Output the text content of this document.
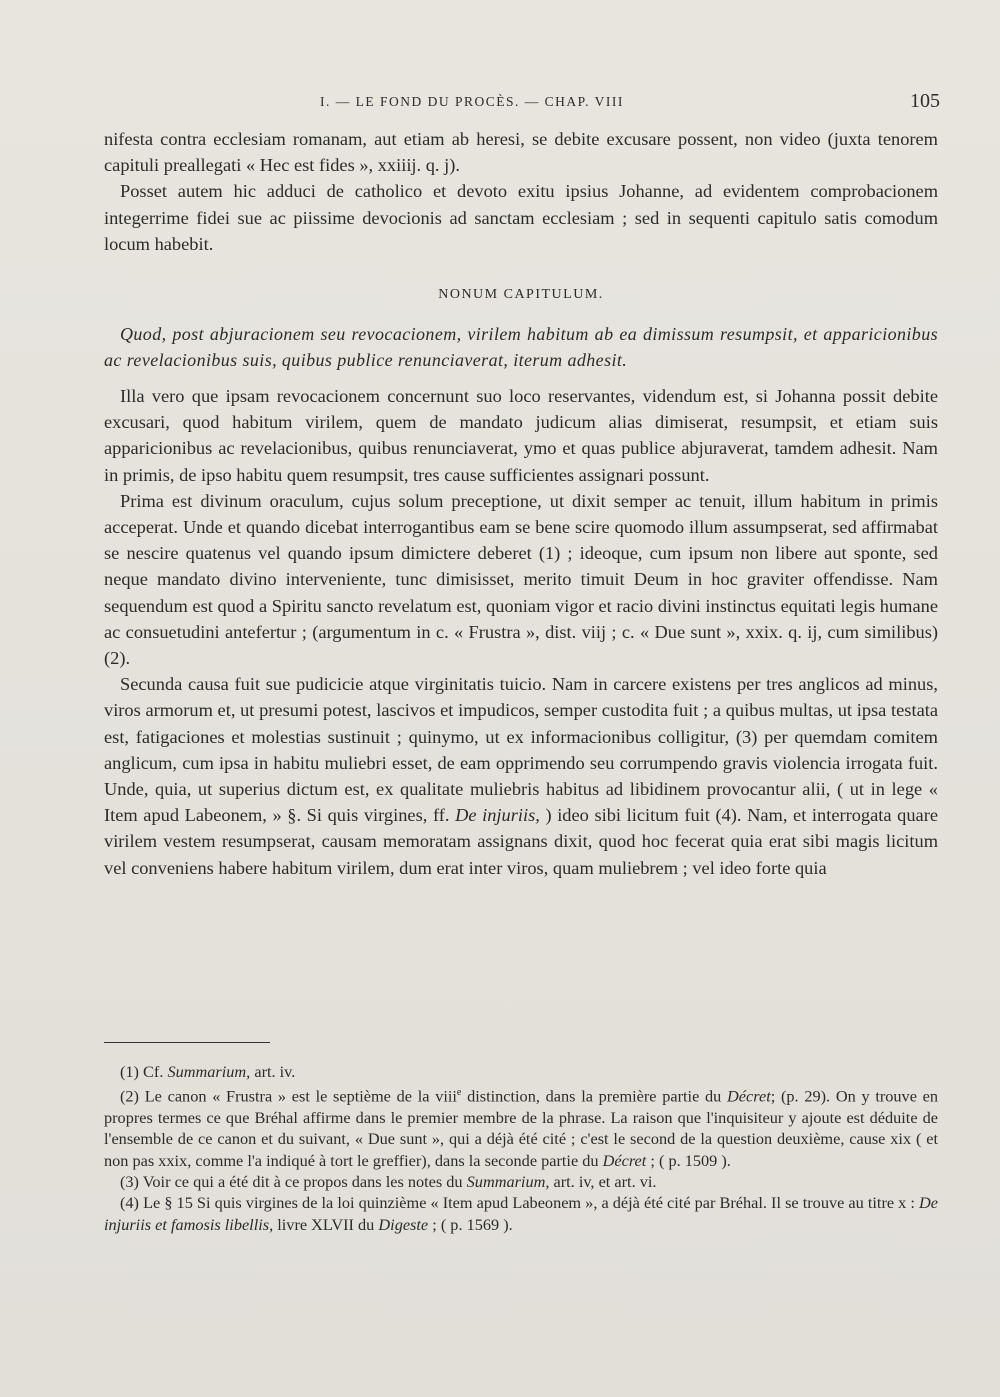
I. — LE FOND DU PROCÈS. — CHAP. VIII	105

nifesta contra ecclesiam romanam, aut etiam ab heresi, se debite excusare possent, non video (juxta tenorem capituli preallegati « Hec est fides », xxiiij. q. j).

Posset autem hic adduci de catholico et devoto exitu ipsius Johanne, ad evidentem comprobacionem integerrime fidei sue ac piissime devocionis ad sanctam ecclesiam ; sed in sequenti capitulo satis comodum locum habebit.

NONUM CAPITULUM.

Quod, post abjuracionem seu revocacionem, virilem habitum ab ea dimissum resumpsit, et apparicionibus ac revelacionibus suis, quibus publice renunciaverat, iterum adhesit.

Illa vero que ipsam revocacionem concernunt suo loco reservantes, videndum est, si Johanna possit debite excusari, quod habitum virilem, quem de mandato judicum alias dimiserat, resumpsit, et etiam suis apparicionibus ac revelacionibus, quibus renunciaverat, ymo et quas publice abjuraverat, tamdem adhesit. Nam in primis, de ipso habitu quem resumpsit, tres cause sufficientes assignari possunt.

Prima est divinum oraculum, cujus solum preceptione, ut dixit semper ac tenuit, illum habitum in primis acceperat. Unde et quando dicebat interrogantibus eam se bene scire quomodo illum assumpserat, sed affirmabat se nescire quatenus vel quando ipsum dimictere deberet (1) ; ideoque, cum ipsum non libere aut sponte, sed neque mandato divino interveniente, tunc dimisisset, merito timuit Deum in hoc graviter offendisse. Nam sequendum est quod a Spiritu sancto revelatum est, quoniam vigor et racio divini instinctus equitati legis humane ac consuetudini antefertur ; (argumentum in c. « Frustra », dist. viij ; c. « Due sunt », xxix. q. ij, cum similibus) (2).

Secunda causa fuit sue pudicicie atque virginitatis tuicio. Nam in carcere existens per tres anglicos ad minus, viros armorum et, ut presumi potest, lascivos et impudicos, semper custodita fuit ; a quibus multas, ut ipsa testata est, fatigaciones et molestias sustinuit ; quinymo, ut ex informacionibus colligitur, (3) per quemdam comitem anglicum, cum ipsa in habitu muliebri esset, de eam opprimendo seu corrumpendo gravis violencia irrogata fuit. Unde, quia, ut superius dictum est, ex qualitate muliebris habitus ad libidinem provocantur alii, ( ut in lege « Item apud Labeonem, » §. Si quis virgines, ff. De injuriis, ) ideo sibi licitum fuit (4). Nam, et interrogata quare virilem vestem resumpserat, causam memoratam assignans dixit, quod hoc fecerat quia erat sibi magis licitum vel conveniens habere habitum virilem, dum erat inter viros, quam muliebrem ; vel ideo forte quia

(1) Cf. Summarium, art. iv.

(2) Le canon « Frustra » est le septième de la viii$^e$ distinction, dans la première partie du Décret; (p. 29). On y trouve en propres termes ce que Bréhal affirme dans le premier membre de la phrase. La raison que l'inquisiteur y ajoute est déduite de l'ensemble de ce canon et du suivant, « Due sunt », qui a déjà été cité ; c'est le second de la question deuxième, cause xix ( et non pas xxix, comme l'a indiqué à tort le greffier), dans la seconde partie du Décret ; ( p. 1509 ).

(3) Voir ce qui a été dit à ce propos dans les notes du Summarium, art. iv, et art. vi.

(4) Le § 15 Si quis virgines de la loi quinzième « Item apud Labeonem », a déjà été cité par Bréhal. Il se trouve au titre x : De injuriis et famosis libellis, livre XLVII du Digeste ; ( p. 1569 ).
